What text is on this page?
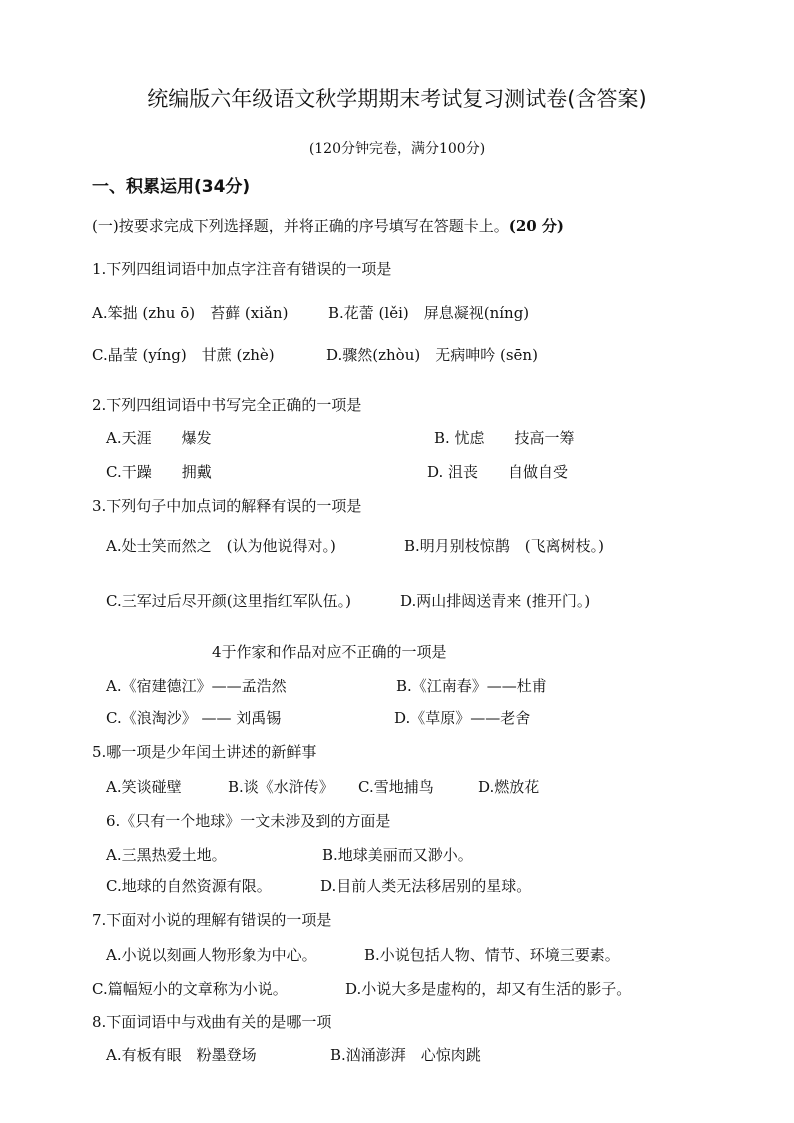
统编版六年级语文秋学期期末考试复习测试卷(含答案)
(120分钟完卷，满分100分)
一、积累运用(34分)
(一)按要求完成下列选择题，并将正确的序号填写在答题卡上。(20 分)
1.下列四组词语中加点字注音有错误的一项是
A.笨拙 (zhu ō)　苔藓 (xiǎn)	B.花蕾 (lěi)　屏息凝视(níng)
C.晶莹 (yíng)　甘蔗 (zhè)	D.骤然(zhòu)　无病呻吟 (sēn)
2.下列四组词语中书写完全正确的一项是
A.天涯　　爆发	B. 忧虑　　技高一筹
C.干躁　　拥戴	D. 沮丧　　自做自受
3.下列句子中加点词的解释有误的一项是
A.处士笑而然之　(认为他说得对。)	B.明月别枝惊鹊　(飞离树枝。)
C.三军过后尽开颜(这里指红军队伍。)	D.两山排闼送青来 (推开门。)
4于作家和作品对应不正确的一项是
A.《宿建德江》——孟浩然	B.《江南春》——杜甫
C.《浪淘沙》 —— 刘禹锡	D.《草原》——老舍
5.哪一项是少年闰土讲述的新鲜事
A.笑谈碰壁	B.谈《水浒传》 C.雪地捕鸟	D.燃放花
6.《只有一个地球》一文未涉及到的方面是
A.三黑热爱土地。	B.地球美丽而又渺小。
C.地球的自然资源有限。	D.目前人类无法移居别的星球。
7.下面对小说的理解有错误的一项是
A.小说以刻画人物形象为中心。	B.小说包括人物、情节、环境三要素。
C.篇幅短小的文章称为小说。	D.小说大多是虚构的，却又有生活的影子。
8.下面词语中与戏曲有关的是哪一项
A.有板有眼　粉墨登场	B.汹涌澎湃　心惊肉跳
